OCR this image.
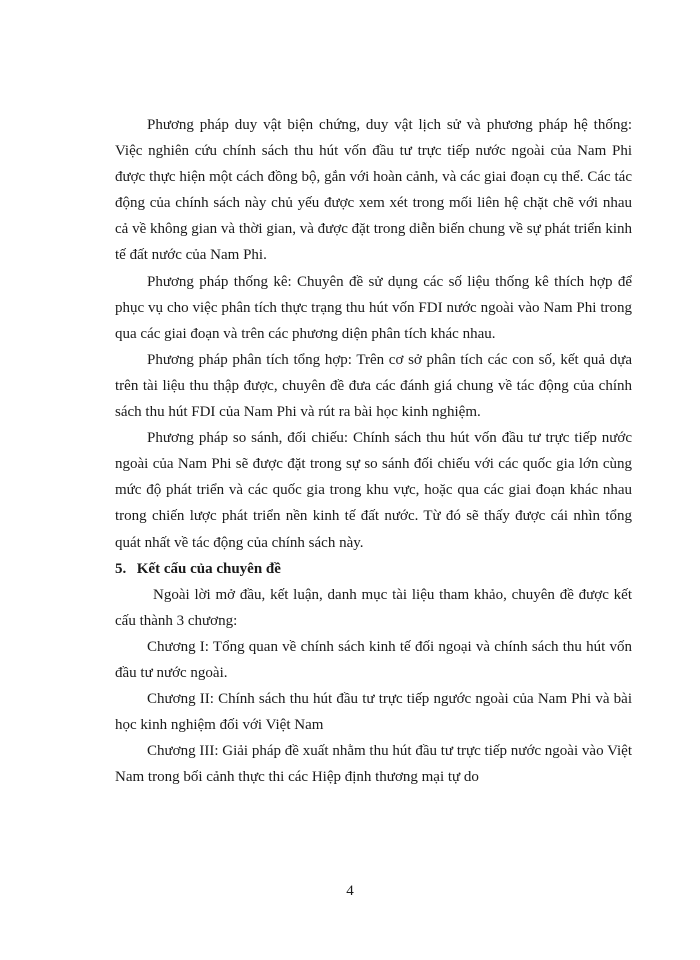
Phương pháp duy vật biện chứng, duy vật lịch sử và phương pháp hệ thống: Việc nghiên cứu chính sách thu hút vốn đầu tư trực tiếp nước ngoài của Nam Phi được thực hiện một cách đồng bộ, gắn với hoàn cảnh, và các giai đoạn cụ thể. Các tác động của chính sách này chủ yếu được xem xét trong mối liên hệ chặt chẽ với nhau cả về không gian và thời gian, và được đặt trong diễn biến chung về sự phát triển kinh tế đất nước của Nam Phi.

Phương pháp thống kê: Chuyên đề sử dụng các số liệu thống kê thích hợp để phục vụ cho việc phân tích thực trạng thu hút vốn FDI nước ngoài vào Nam Phi trong qua các giai đoạn và trên các phương diện phân tích khác nhau.

Phương pháp phân tích tổng hợp: Trên cơ sở phân tích các con số, kết quả dựa trên tài liệu thu thập được, chuyên đề đưa các đánh giá chung về tác động của chính sách thu hút FDI của Nam Phi và rút ra bài học kinh nghiệm.

Phương pháp so sánh, đối chiếu: Chính sách thu hút vốn đầu tư trực tiếp nước ngoài của Nam Phi sẽ được đặt trong sự so sánh đối chiếu với các quốc gia lớn cùng mức độ phát triển và các quốc gia trong khu vực, hoặc qua các giai đoạn khác nhau trong chiến lược phát triển nền kinh tế đất nước. Từ đó sẽ thấy được cái nhìn tổng quát nhất về tác động của chính sách này.

5. Kết cấu của chuyên đề

Ngoài lời mở đầu, kết luận, danh mục tài liệu tham khảo, chuyên đề được kết cấu thành 3 chương:

Chương I: Tổng quan về chính sách kinh tế đối ngoại và chính sách thu hút vốn đầu tư nước ngoài.

Chương II: Chính sách thu hút đầu tư trực tiếp ngước ngoài của Nam Phi và bài học kinh nghiệm đối với Việt Nam

Chương III: Giải pháp đề xuất nhằm thu hút đầu tư trực tiếp nước ngoài vào Việt Nam trong bối cảnh thực thi các Hiệp định thương mại tự do

4
